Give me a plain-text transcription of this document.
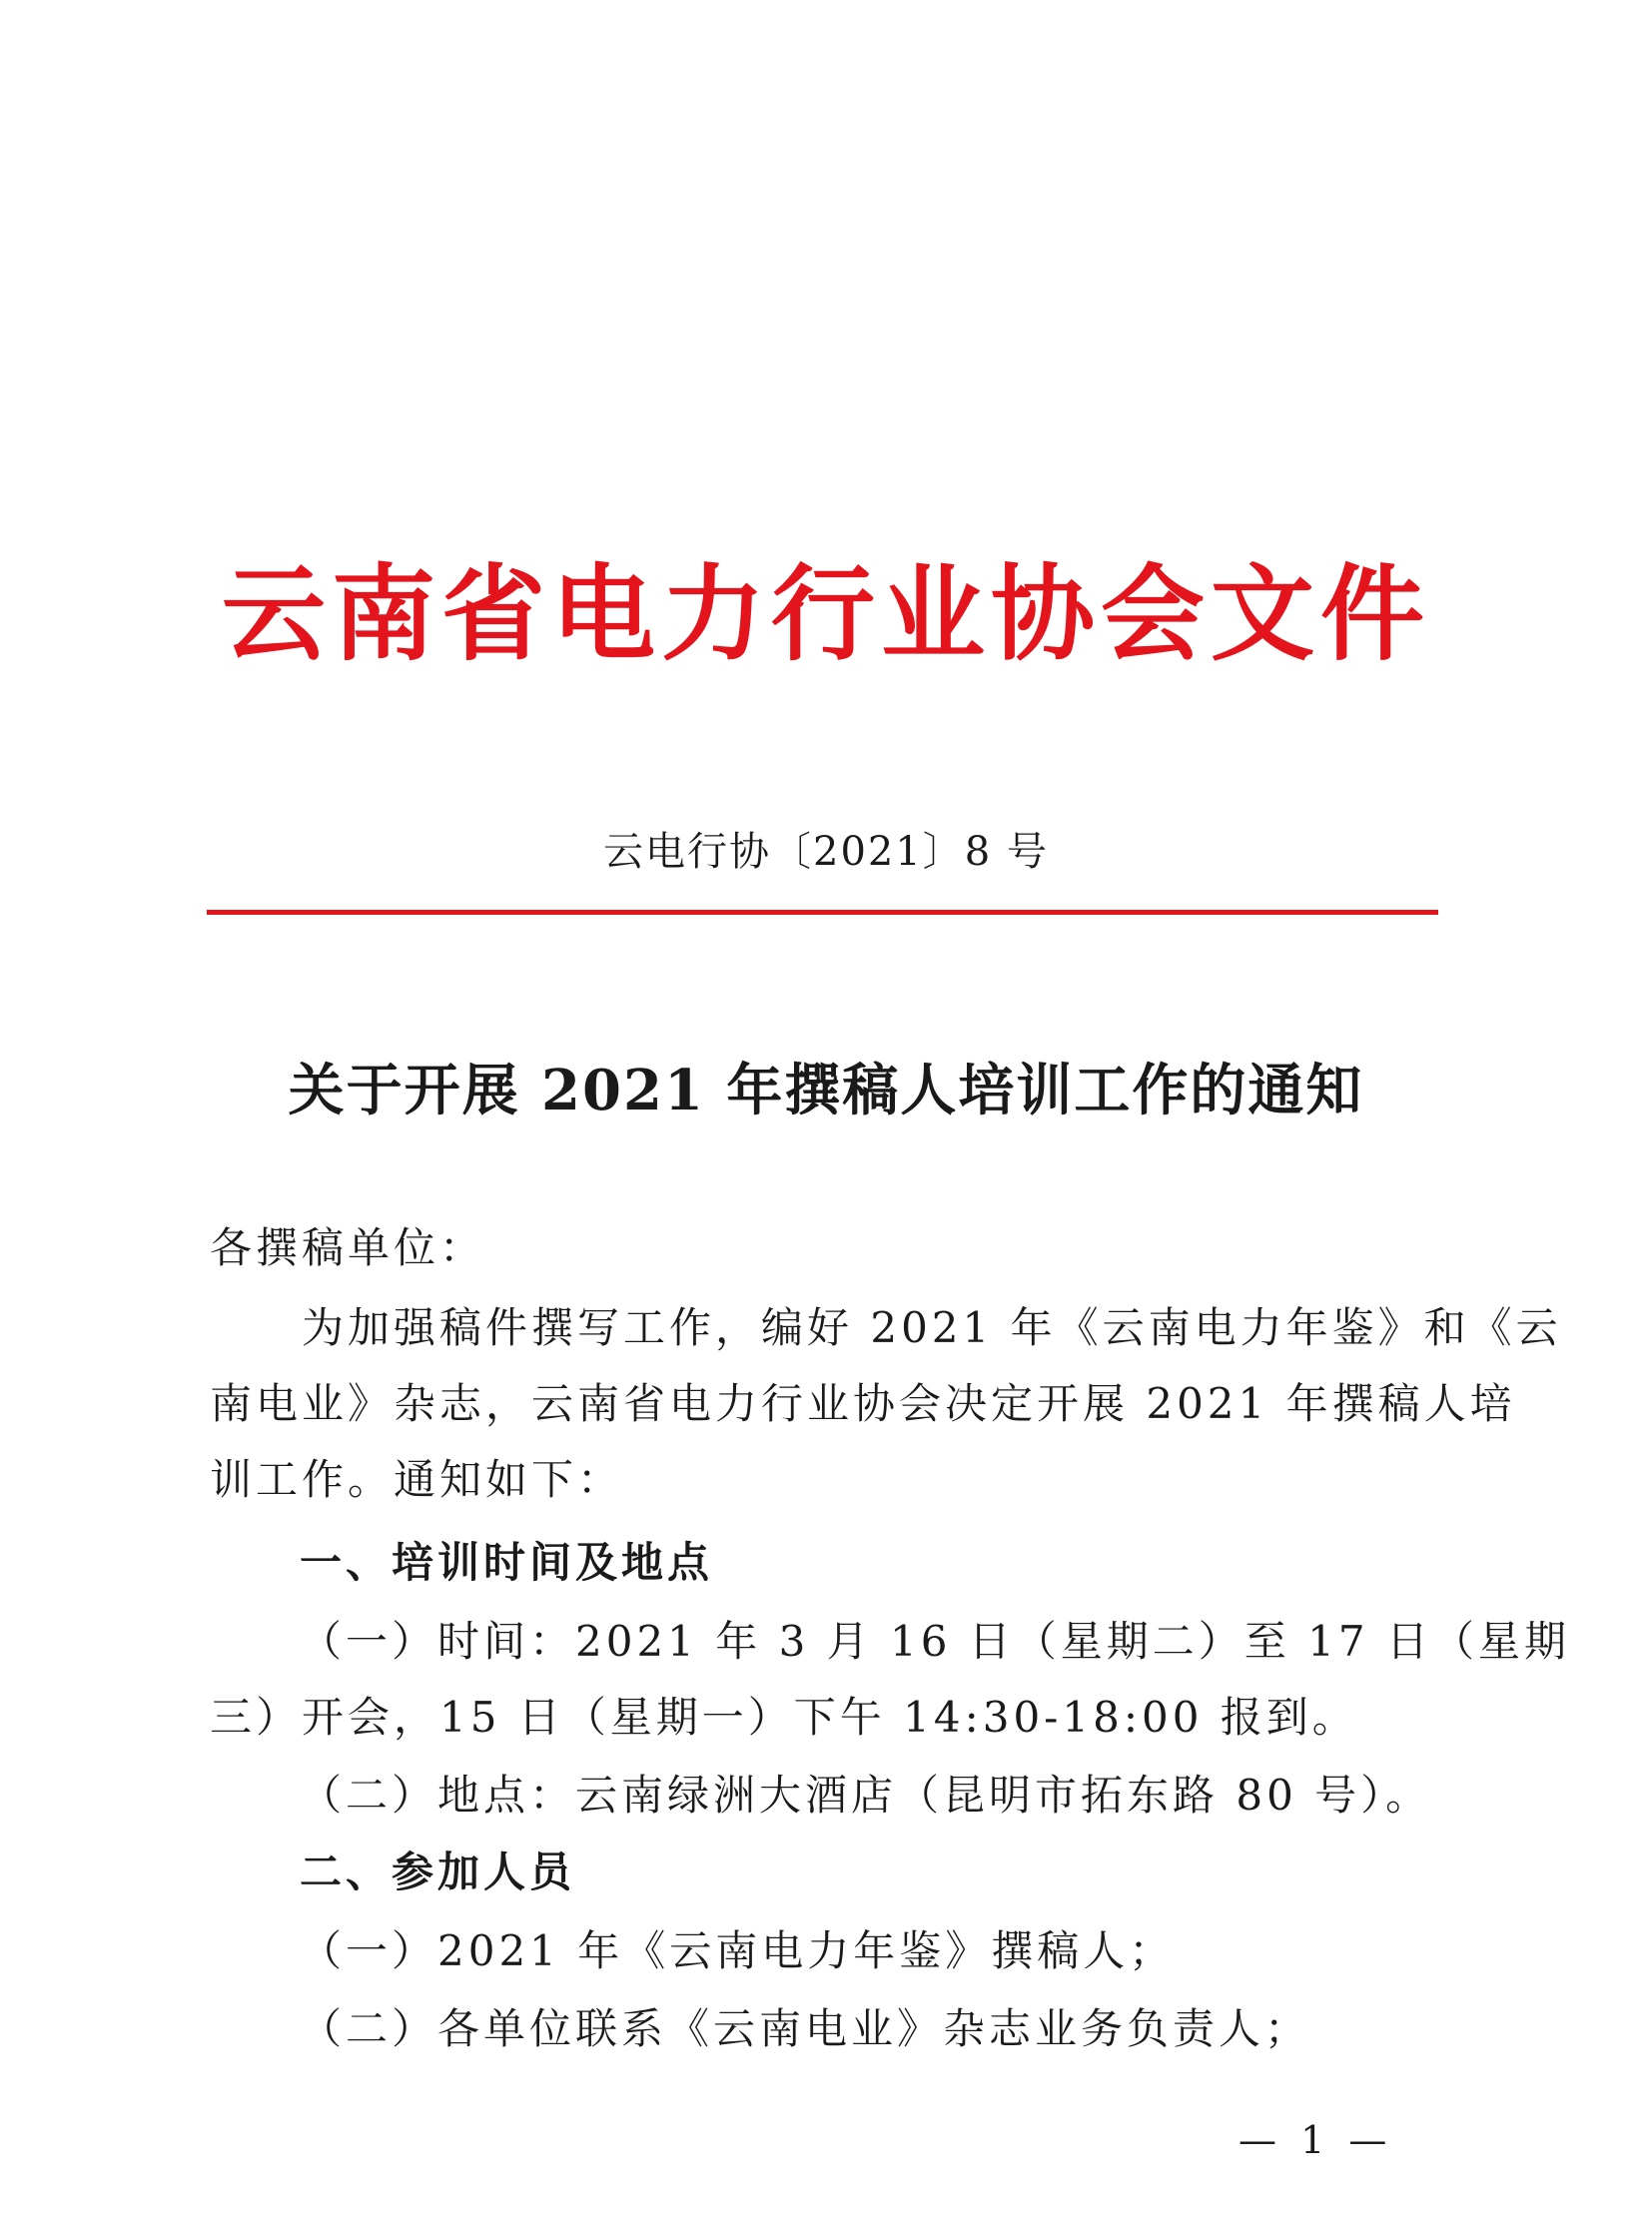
云南省电力行业协会文件
云电行协〔2021〕8 号
关于开展 2021 年撰稿人培训工作的通知
各撰稿单位：
为加强稿件撰写工作，编好 2021 年《云南电力年鉴》和《云
南电业》杂志，云南省电力行业协会决定开展 2021 年撰稿人培
训工作。通知如下：
一、培训时间及地点
（一）时间：2021 年 3 月 16 日（星期二）至 17 日（星期
三）开会，15 日（星期一）下午 14:30-18:00 报到。
（二）地点：云南绿洲大酒店（昆明市拓东路 80 号）。
二、参加人员
（一）2021 年《云南电力年鉴》撰稿人；
（二）各单位联系《云南电业》杂志业务负责人；
— 1 —
